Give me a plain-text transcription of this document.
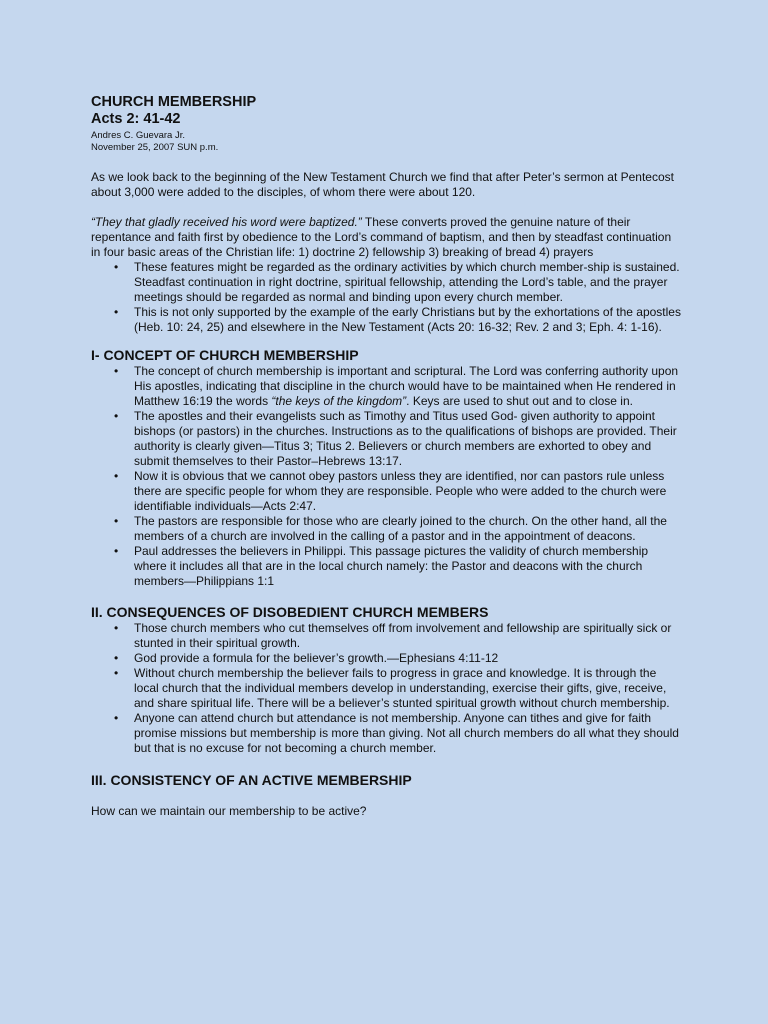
CHURCH MEMBERSHIP
Acts 2: 41-42
Andres C. Guevara Jr.
November 25, 2007 SUN p.m.

As we look back to the beginning of the New Testament Church we find that after Peter’s sermon at Pentecost about 3,000 were added to the disciples, of whom there were about 120.

“They that gladly received his word were baptized.” These converts proved the genuine nature of their repentance and faith first by obedience to the Lord’s command of baptism, and then by steadfast continuation in four basic areas of the Christian life: 1) doctrine 2) fellowship 3) breaking of bread 4) prayers

• These features might be regarded as the ordinary activities by which church member-ship is sustained. Steadfast continuation in right doctrine, spiritual fellowship, attending the Lord’s table, and the prayer meetings should be regarded as normal and binding upon every church member.
• This is not only supported by the example of the early Christians but by the exhortations of the apostles (Heb. 10: 24, 25) and elsewhere in the New Testament (Acts 20: 16-32; Rev. 2 and 3; Eph. 4: 1-16).
I- CONCEPT OF CHURCH MEMBERSHIP
• The concept of church membership is important and scriptural. The Lord was conferring authority upon His apostles, indicating that discipline in the church would have to be maintained when He rendered in Matthew 16:19 the words “the keys of the kingdom”. Keys are used to shut out and to close in.
• The apostles and their evangelists such as Timothy and Titus used God- given authority to appoint bishops (or pastors) in the churches. Instructions as to the qualifications of bishops are provided. Their authority is clearly given—Titus 3; Titus 2. Believers or church members are exhorted to obey and submit themselves to their Pastor–Hebrews 13:17.
• Now it is obvious that we cannot obey pastors unless they are identified, nor can pastors rule unless there are specific people for whom they are responsible. People who were added to the church were identifiable individuals—Acts 2:47.
• The pastors are responsible for those who are clearly joined to the church. On the other hand, all the members of a church are involved in the calling of a pastor and in the appointment of deacons.
• Paul addresses the believers in Philippi. This passage pictures the validity of church membership where it includes all that are in the local church namely: the Pastor and deacons with the church members—Philippians 1:1
II. CONSEQUENCES OF DISOBEDIENT CHURCH MEMBERS
• Those church members who cut themselves off from involvement and fellowship are spiritually sick or stunted in their spiritual growth.
• God provide a formula for the believer’s growth.—Ephesians 4:11-12
• Without church membership the believer fails to progress in grace and knowledge. It is through the local church that the individual members develop in understanding, exercise their gifts, give, receive, and share spiritual life. There will be a believer’s stunted spiritual growth without church membership.
• Anyone can attend church but attendance is not membership. Anyone can tithes and give for faith promise missions but membership is more than giving. Not all church members do all what they should but that is no excuse for not becoming a church member.
III. CONSISTENCY OF AN ACTIVE MEMBERSHIP

How can we maintain our membership to be active?
